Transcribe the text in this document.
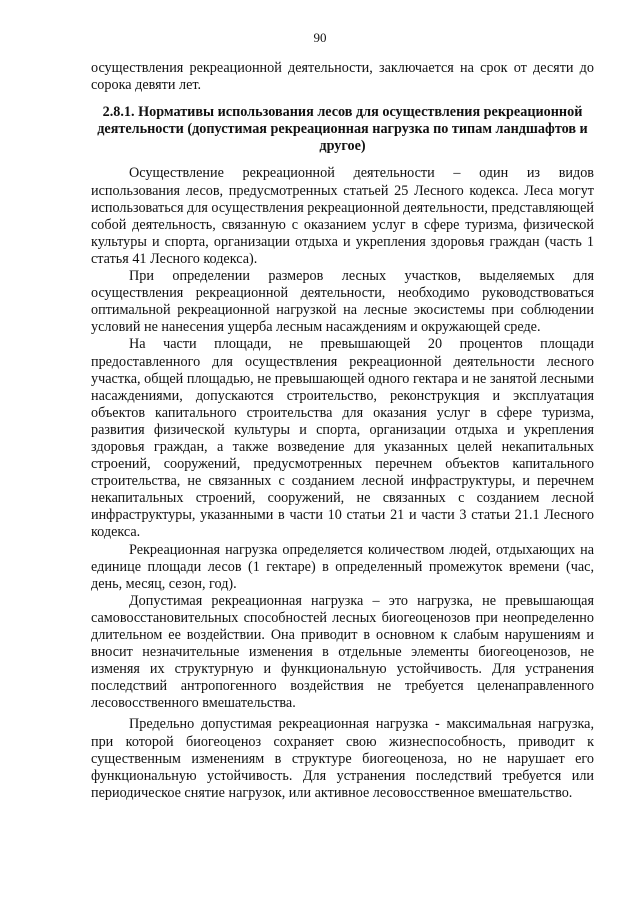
90

осуществления рекреационной деятельности, заключается на срок от десяти до сорока девяти лет.

2.8.1. Нормативы использования лесов для осуществления рекреационной деятельности (допустимая рекреационная нагрузка по типам ландшафтов и другое)

Осуществление рекреационной деятельности – один из видов использования лесов, предусмотренных статьей 25 Лесного кодекса. Леса могут использоваться для осуществления рекреационной деятельности, представляющей собой деятельность, связанную с оказанием услуг в сфере туризма, физической культуры и спорта, организации отдыха и укрепления здоровья граждан (часть 1 статья 41 Лесного кодекса).

При определении размеров лесных участков, выделяемых для осуществления рекреационной деятельности, необходимо руководствоваться оптимальной рекреационной нагрузкой на лесные экосистемы при соблюдении условий не нанесения ущерба лесным насаждениям и окружающей среде.

На части площади, не превышающей 20 процентов площади предоставленного для осуществления рекреационной деятельности лесного участка, общей площадью, не превышающей одного гектара и не занятой лесными насаждениями, допускаются строительство, реконструкция и эксплуатация объектов капитального строительства для оказания услуг в сфере туризма, развития физической культуры и спорта, организации отдыха и укрепления здоровья граждан, а также возведение для указанных целей некапитальных строений, сооружений, предусмотренных перечнем объектов капитального строительства, не связанных с созданием лесной инфраструктуры, и перечнем некапитальных строений, сооружений, не связанных с созданием лесной инфраструктуры, указанными в части 10 статьи 21 и части 3 статьи 21.1 Лесного кодекса.

Рекреационная нагрузка определяется количеством людей, отдыхающих на единице площади лесов (1 гектаре) в определенный промежуток времени (час, день, месяц, сезон, год).

Допустимая рекреационная нагрузка – это нагрузка, не превышающая самовосстановительных способностей лесных биогеоценозов при неопределенно длительном ее воздействии. Она приводит в основном к слабым нарушениям и вносит незначительные изменения в отдельные элементы биогеоценозов, не изменяя их структурную и функциональную устойчивость. Для устранения последствий антропогенного воздействия не требуется целенаправленного лесовосственного вмешательства.

Предельно допустимая рекреационная нагрузка - максимальная нагрузка, при которой биогеоценоз сохраняет свою жизнеспособность, приводит к существенным изменениям в структуре биогеоценоза, но не нарушает его функциональную устойчивость. Для устранения последствий требуется или периодическое снятие нагрузок, или активное лесовосственное вмешательство.
